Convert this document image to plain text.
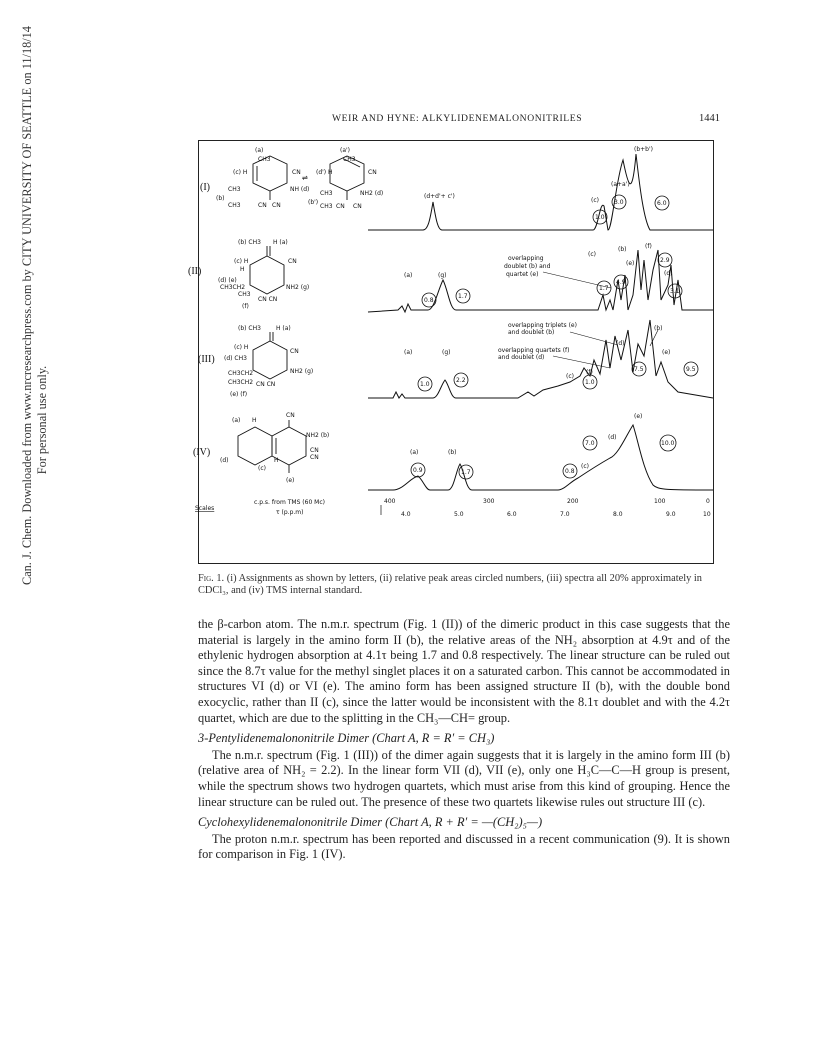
Can. J. Chem. Downloaded from www.nrcresearchpress.com by CITY UNIVERSITY OF SEATTLE on 11/18/14 For personal use only.
WEIR AND HYNE: ALKYLIDENEMALONONITRILES	1441
(I)
(II)
(III)
(IV)
(a)
CH3
(c) H	CN
CH3	NH (d)
(b)
CH3	CN CN
(a')
CH3
(d') H	CN
CH3	NH2 (d)
(b')
CH3 CN CN
⇌
(b) CH3 H (a)
(c) H	CN
H
(d) (e)
CH3CH2	NH2 (g)
CH3
CN CN
(f)
(b) CH3	H (a)
(c) H
CN
(d) CH3
CH3CH2	NH2 (g)
CH3CH2 CN CN
(e) (f)
(a) H
CN
NH2 (b)
CN
CN
(d)
(c)
H
(e)
Scales
c.p.s. from TMS (60 Mc)
τ (p.p.m)
400	300	200	100	0
4.0	5.0	6.0	7.0	8.0	9.0	10
(d+d'+ c')
(c)
(a+a')
(b+b')
1.0
3.0	6.0
(a)	(g)
overlapping
doublet (b) and
quartet (e)
(c)
(b)	(f)
(e)
(d)
0.8
1.7
1.7
4.9
2.9
3.1
overlapping triplets (e)
and doublet (b)
overlapping quartets (f)
and doublet (d)
(a)	(g)
(c)
(b)
(e)
(d)
(f)
1.0
2.2	1.0
7.5	9.5
(a)	(b)
(c)
(d)
(e)
0.9	1.7	0.8
7.0	10.0
Fig. 1. (i) Assignments as shown by letters, (ii) relative peak areas circled numbers, (iii) spectra all 20% approximately in CDCl₃, and (iv) TMS internal standard.

the β-carbon atom. The n.m.r. spectrum (Fig. 1 (II)) of the dimeric product in this case suggests that the material is largely in the amino form II (b), the relative areas of the NH₂ absorption at 4.9τ and of the ethylenic hydrogen absorption at 4.1τ being 1.7 and 0.8 respectively. The linear structure can be ruled out since the 8.7τ value for the methyl singlet places it on a saturated carbon. This cannot be accommodated in structures VI (d) or VI (e). The amino form has been assigned structure II (b), with the double bond exocyclic, rather than II (c), since the latter would be inconsistent with the 8.1τ doublet and with the 4.2τ quartet, which are due to the splitting in the CH₃—CH= group.

3-Pentylidenemalononitrile Dimer (Chart A, R = R′ = CH₃)

The n.m.r. spectrum (Fig. 1 (III)) of the dimer again suggests that it is largely in the amino form III (b) (relative area of NH₂ = 2.2). In the linear form VII (d), VII (e), only one H₃C—C—H group is present, while the spectrum shows two hydrogen quartets, which must arise from this kind of grouping. Hence the linear structure can be ruled out. The presence of these two quartets likewise rules out structure III (c).

Cyclohexylidenemalononitrile Dimer (Chart A, R + R′ = —(CH₂)₅—)

The proton n.m.r. spectrum has been reported and discussed in a recent communication (9). It is shown for comparison in Fig. 1 (IV).
